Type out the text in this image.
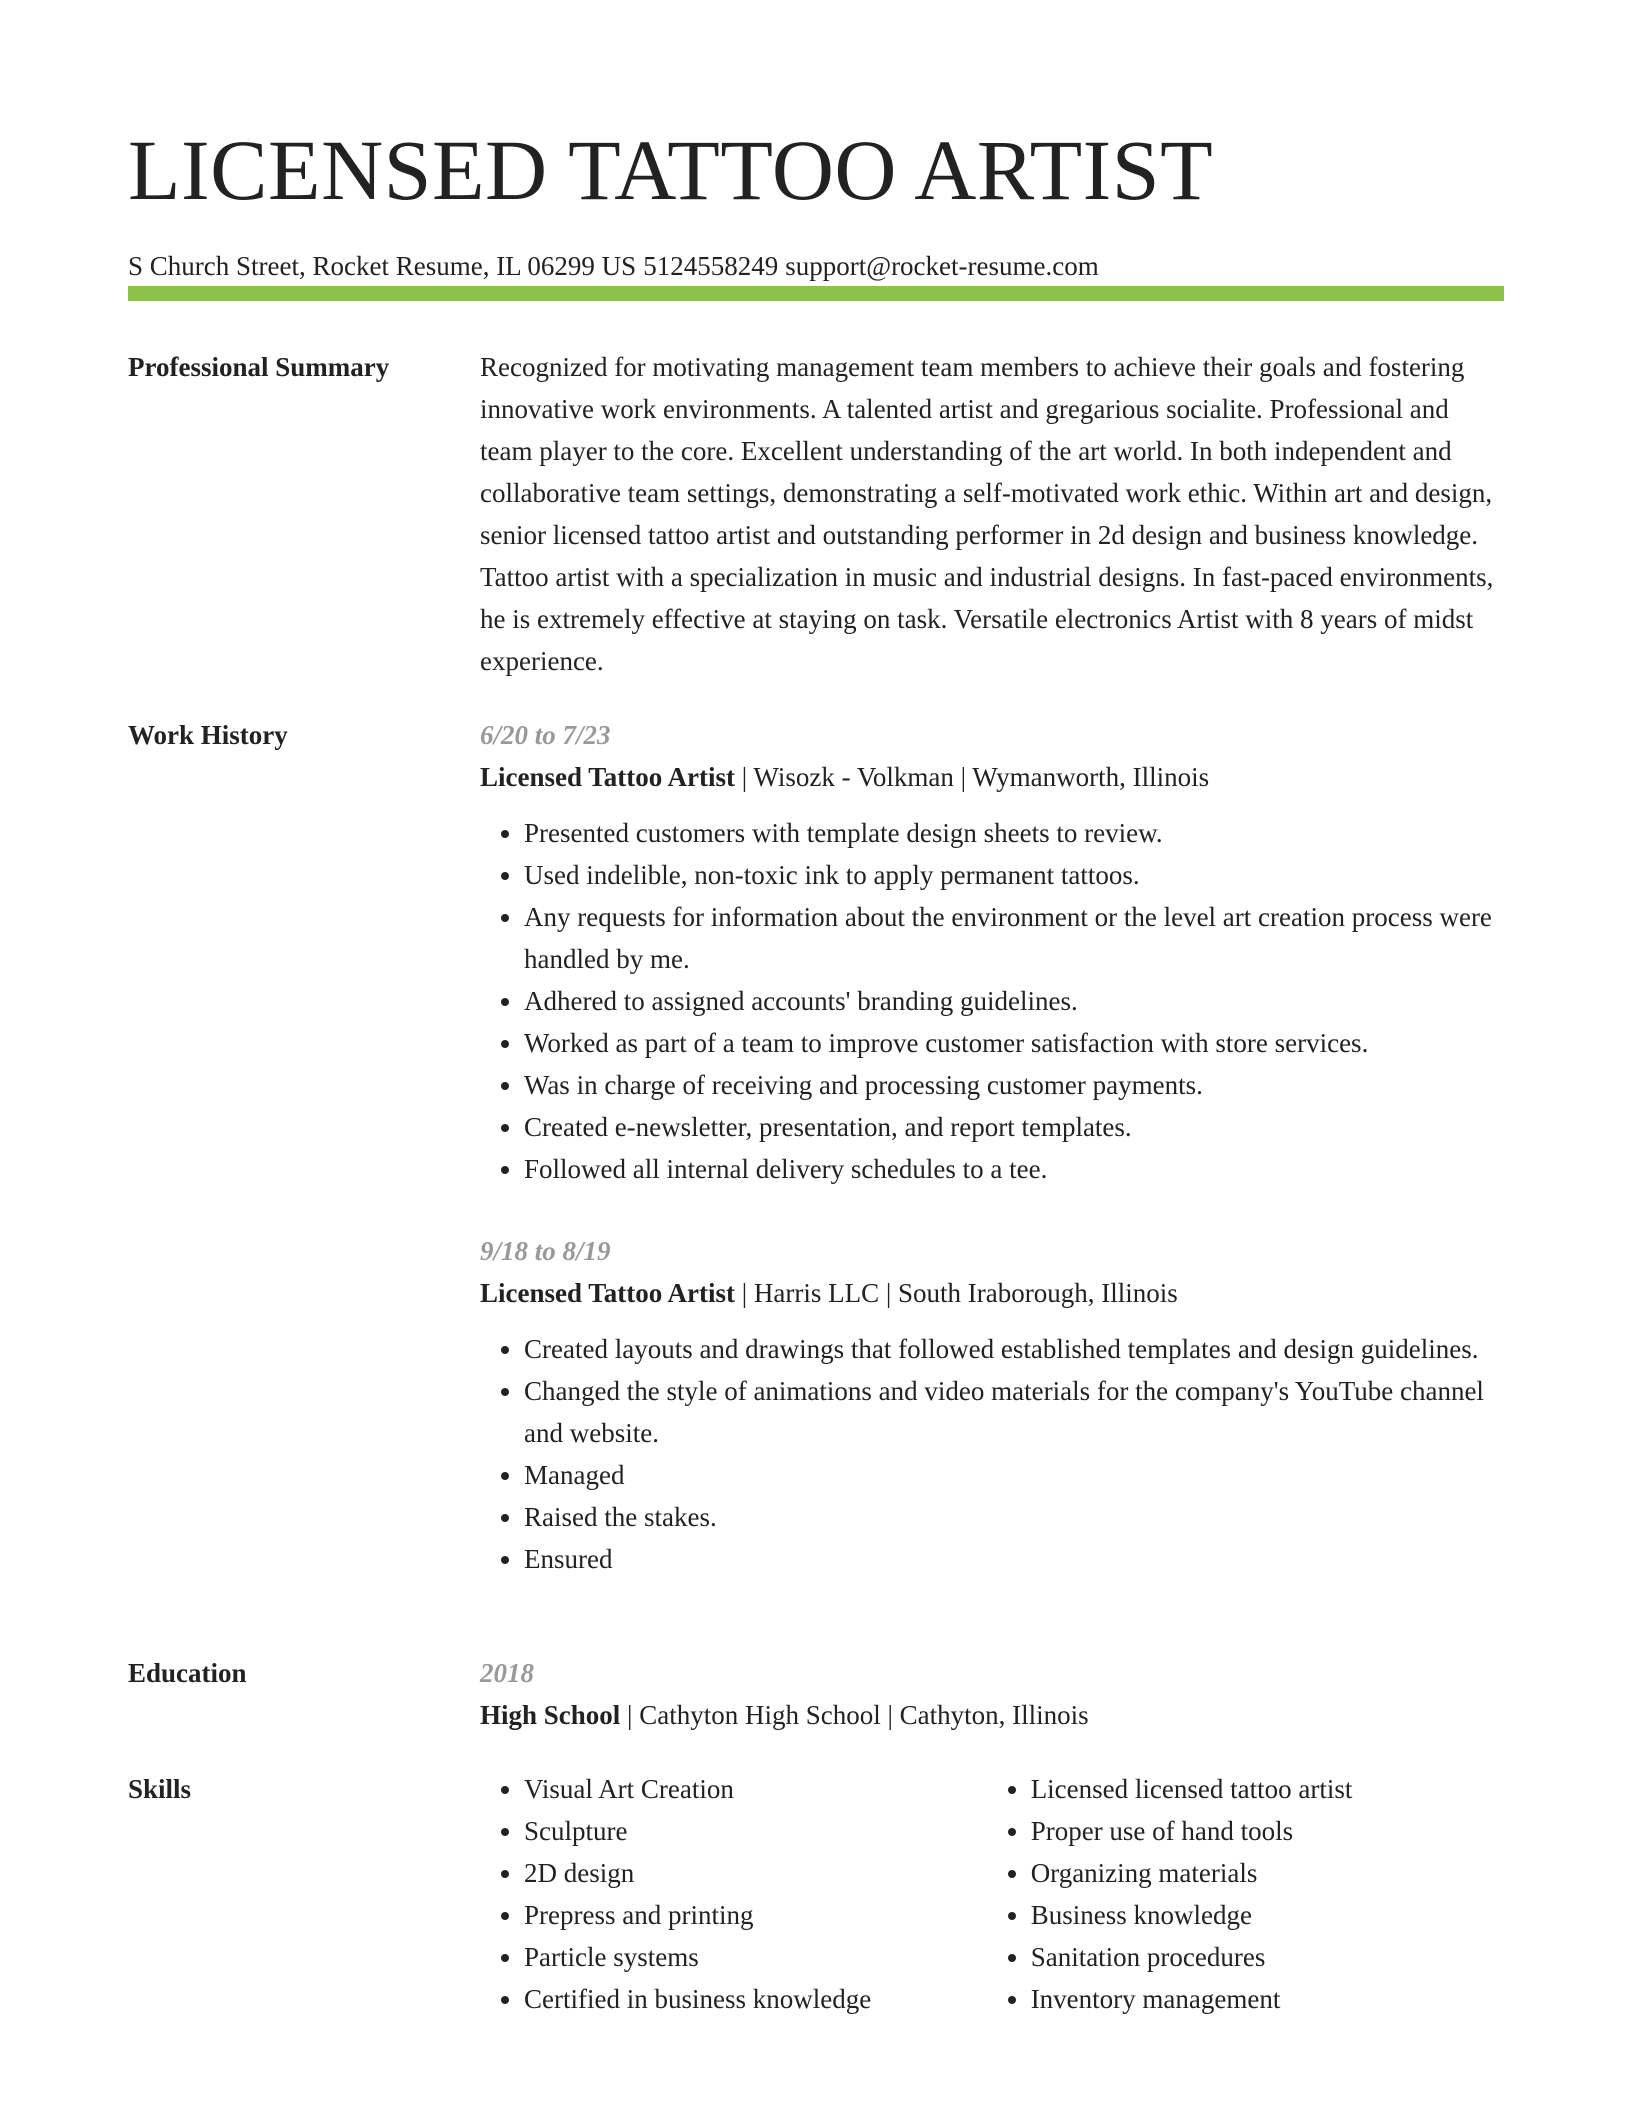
LICENSED TATTOO ARTIST
S Church Street, Rocket Resume, IL 06299 US 5124558249 support@rocket-resume.com
Professional Summary	Recognized for motivating management team members to achieve their goals and fostering innovative work environments. A talented artist and gregarious socialite. Professional and team player to the core. Excellent understanding of the art world. In both independent and collaborative team settings, demonstrating a self-motivated work ethic. Within art and design, senior licensed tattoo artist and outstanding performer in 2d design and business knowledge. Tattoo artist with a specialization in music and industrial designs. In fast-paced environments, he is extremely effective at staying on task. Versatile electronics Artist with 8 years of midst experience.

Work History	6/20 to 7/23
Licensed Tattoo Artist | Wisozk - Volkman | Wymanworth, Illinois
• Presented customers with template design sheets to review.
• Used indelible, non-toxic ink to apply permanent tattoos.
• Any requests for information about the environment or the level art creation process were handled by me.
• Adhered to assigned accounts' branding guidelines.
• Worked as part of a team to improve customer satisfaction with store services.
• Was in charge of receiving and processing customer payments.
• Created e-newsletter, presentation, and report templates.
• Followed all internal delivery schedules to a tee.
9/18 to 8/19
Licensed Tattoo Artist | Harris LLC | South Iraborough, Illinois
• Created layouts and drawings that followed established templates and design guidelines.
• Changed the style of animations and video materials for the company's YouTube channel and website.
• Managed
• Raised the stakes.
• Ensured
Education	2018
High School | Cathyton High School | Cathyton, Illinois
Skills
•	Visual Art Creation
• Sculpture
• 2D design
• Prepress and printing
• Particle systems
• Certified in business knowledge
• Licensed licensed tattoo artist
• Proper use of hand tools
• Organizing materials
• Business knowledge
• Sanitation procedures
• Inventory management
